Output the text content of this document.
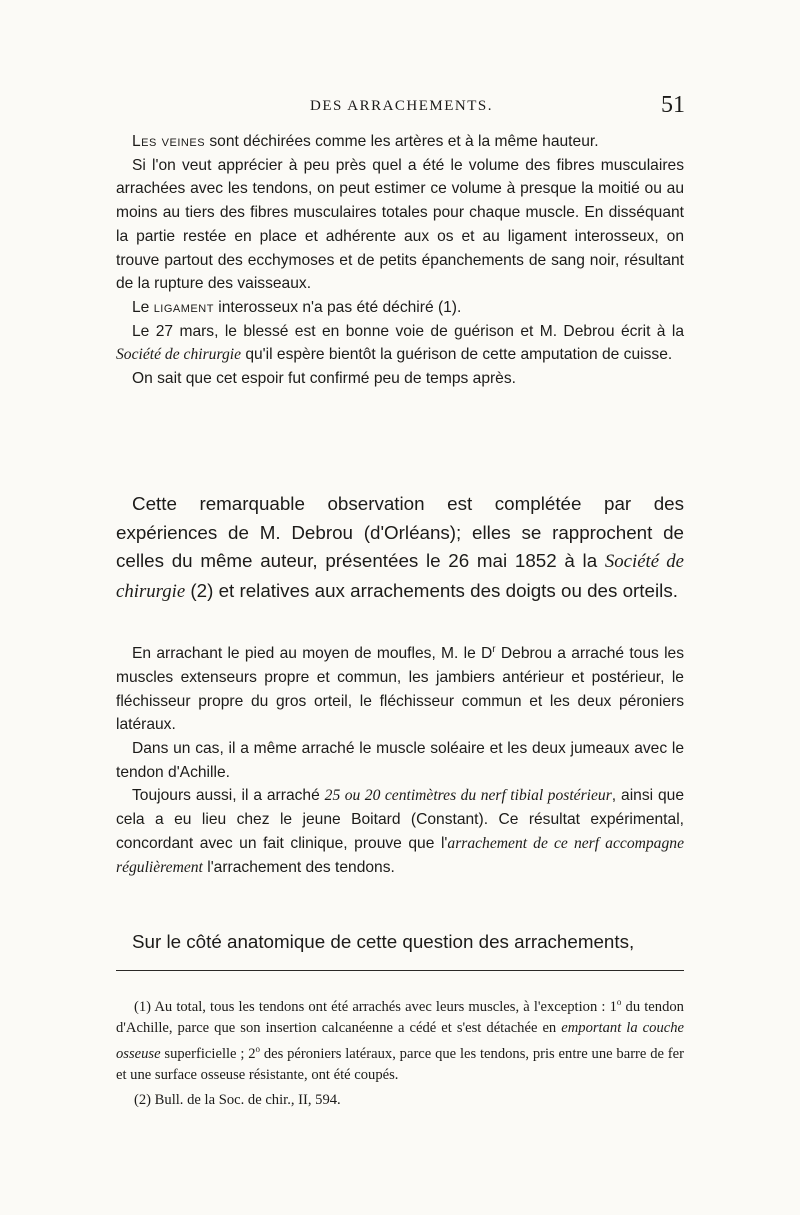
DES ARRACHEMENTS.	51

Les veines sont déchirées comme les artères et à la même hauteur.

Si l'on veut apprécier à peu près quel a été le volume des fibres musculaires arrachées avec les tendons, on peut estimer ce volume à presque la moitié ou au moins au tiers des fibres musculaires totales pour chaque muscle. En disséquant la partie restée en place et adhérente aux os et au ligament interosseux, on trouve partout des ecchymoses et de petits épanchements de sang noir, résultant de la rupture des vaisseaux.

Le ligament interosseux n'a pas été déchiré (1).

Le 27 mars, le blessé est en bonne voie de guérison et M. Debrou écrit à la Société de chirurgie qu'il espère bientôt la guérison de cette amputation de cuisse.

On sait que cet espoir fut confirmé peu de temps après.

Cette remarquable observation est complétée par des expériences de M. Debrou (d'Orléans); elles se rapprochent de celles du même auteur, présentées le 26 mai 1852 à la Société de chirurgie (2) et relatives aux arrachements des doigts ou des orteils.

En arrachant le pied au moyen de moufles, M. le $D^r$ Debrou a arraché tous les muscles extenseurs propre et commun, les jambiers antérieur et postérieur, le fléchisseur propre du gros orteil, le fléchisseur commun et les deux péroniers latéraux.

Dans un cas, il a même arraché le muscle soléaire et les deux jumeaux avec le tendon d'Achille.

Toujours aussi, il a arraché 25 ou 20 centimètres du nerf tibial postérieur, ainsi que cela a eu lieu chez le jeune Boitard (Constant). Ce résultat expérimental, concordant avec un fait clinique, prouve que l'arrachement de ce nerf accompagne régulièrement l'arrachement des tendons.

Sur le côté anatomique de cette question des arrachements,

(1) Au total, tous les tendons ont été arrachés avec leurs muscles, à l'exception : 1$^o$ du tendon d'Achille, parce que son insertion calcanéenne a cédé et s'est détachée en emportant la couche osseuse superficielle ; 2$^o$ des péroniers latéraux, parce que les tendons, pris entre une barre de fer et une surface osseuse résistante, ont été coupés.

(2) Bull. de la Soc. de chir., II, 594.
